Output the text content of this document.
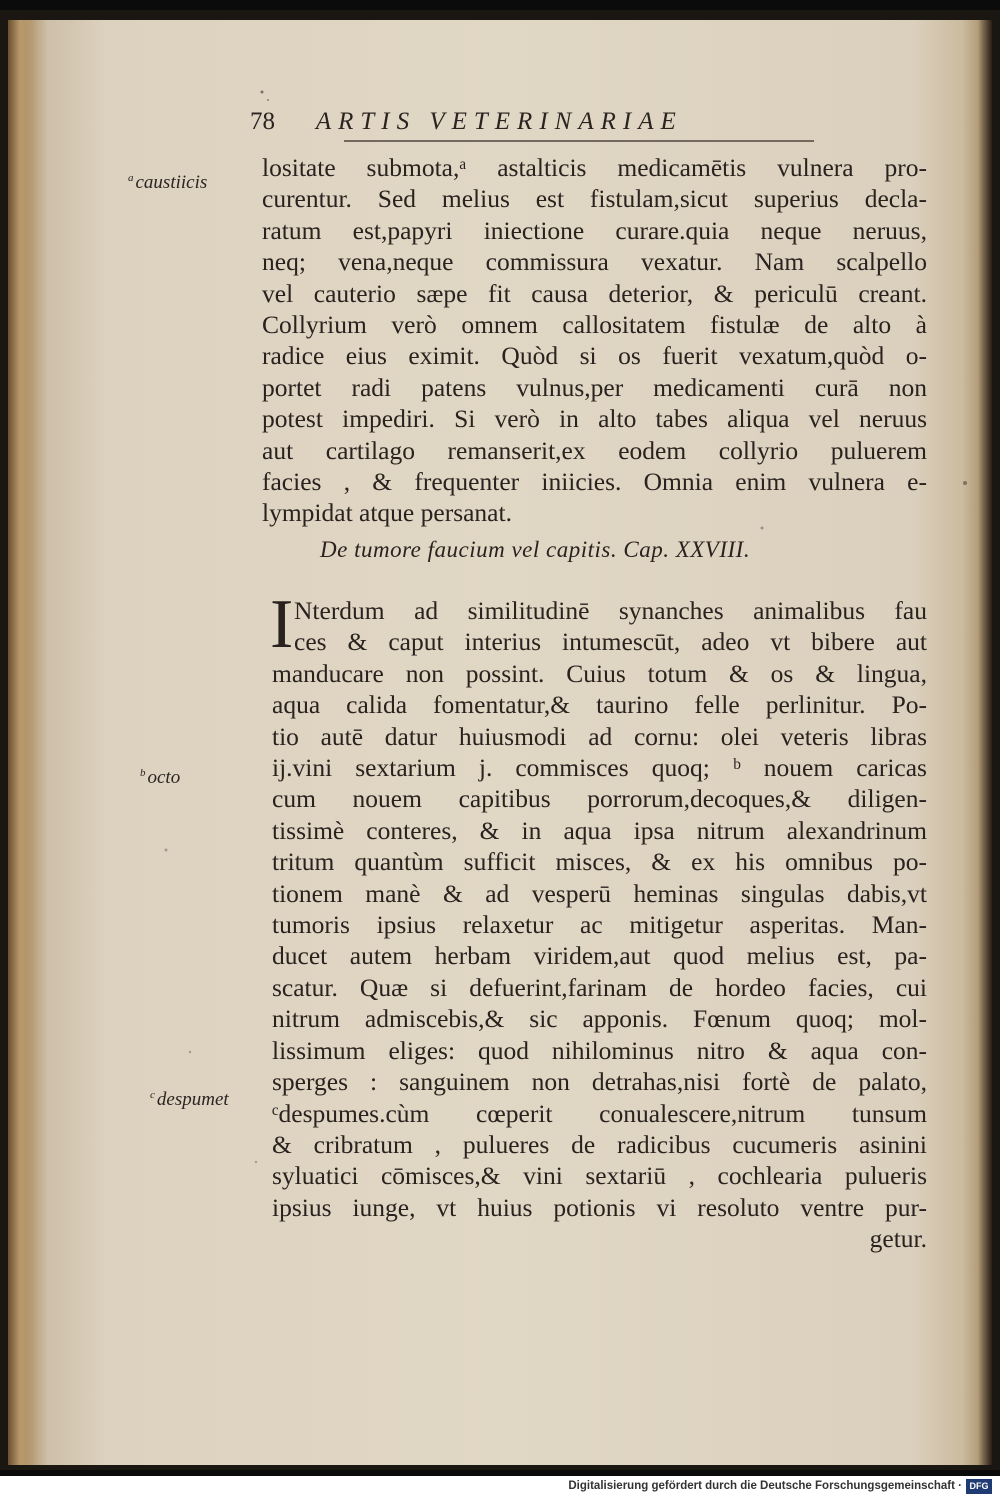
78 ARTIS VETERINARIAE
$^a$ caustiicis
$^b$ octo
$^c$ despumet
lositate submota,ᵃ astalticis medicamētis vulnera pro-
curentur. Sed melius est fistulam,sicut superius decla-
ratum est,papyri iniectione curare.quia neque neruus,
neq; vena,neque commissura vexatur. Nam scalpello
vel cauterio sæpe fit causa deterior, & periculū creant.
Collyrium verò omnem callositatem fistulæ de alto à
radice eius eximit. Quòd si os fuerit vexatum,quòd o-
portet radi patens vulnus,per medicamenti curā non
potest impediri. Si verò in alto tabes aliqua vel neruus
aut cartilago remanserit,ex eodem collyrio puluerem
facies , & frequenter iniicies. Omnia enim vulnera e-
lympidat atque persanat.
De tumore faucium vel capitis. Cap. XXVIII.
I Nterdum ad similitudinē synanches animalibus fau
ces & caput interius intumescūt, adeo vt bibere aut
manducare non possint. Cuius totum & os & lingua,
aqua calida fomentatur,& taurino felle perlinitur. Po-
tio autē datur huiusmodi ad cornu: olei veteris libras
ij.vini sextarium j. commisces quoq; ᵇ nouem caricas
cum nouem capitibus porrorum,decoques,& diligen-
tissimè conteres, & in aqua ipsa nitrum alexandrinum
tritum quantùm sufficit misces, & ex his omnibus po-
tionem manè & ad vesperū heminas singulas dabis,vt
tumoris ipsius relaxetur ac mitigetur asperitas. Man-
ducet autem herbam viridem,aut quod melius est, pa-
scatur. Quæ si defuerint,farinam de hordeo facies, cui
nitrum admiscebis,& sic apponis. Fœnum quoq; mol-
lissimum eliges: quod nihilominus nitro & aqua con-
sperges : sanguinem non detrahas,nisi fortè de palato,
ᶜdespumes.cùm cœperit conualescere,nitrum tunsum
& cribratum , pulueres de radicibus cucumeris asinini
syluatici cōmisces,& vini sextariū , cochlearia pulueris
ipsius iunge, vt huius potionis vi resoluto ventre pur-
getur.
Digitalisierung gefördert durch die Deutsche Forschungsgemeinschaft · DFG
